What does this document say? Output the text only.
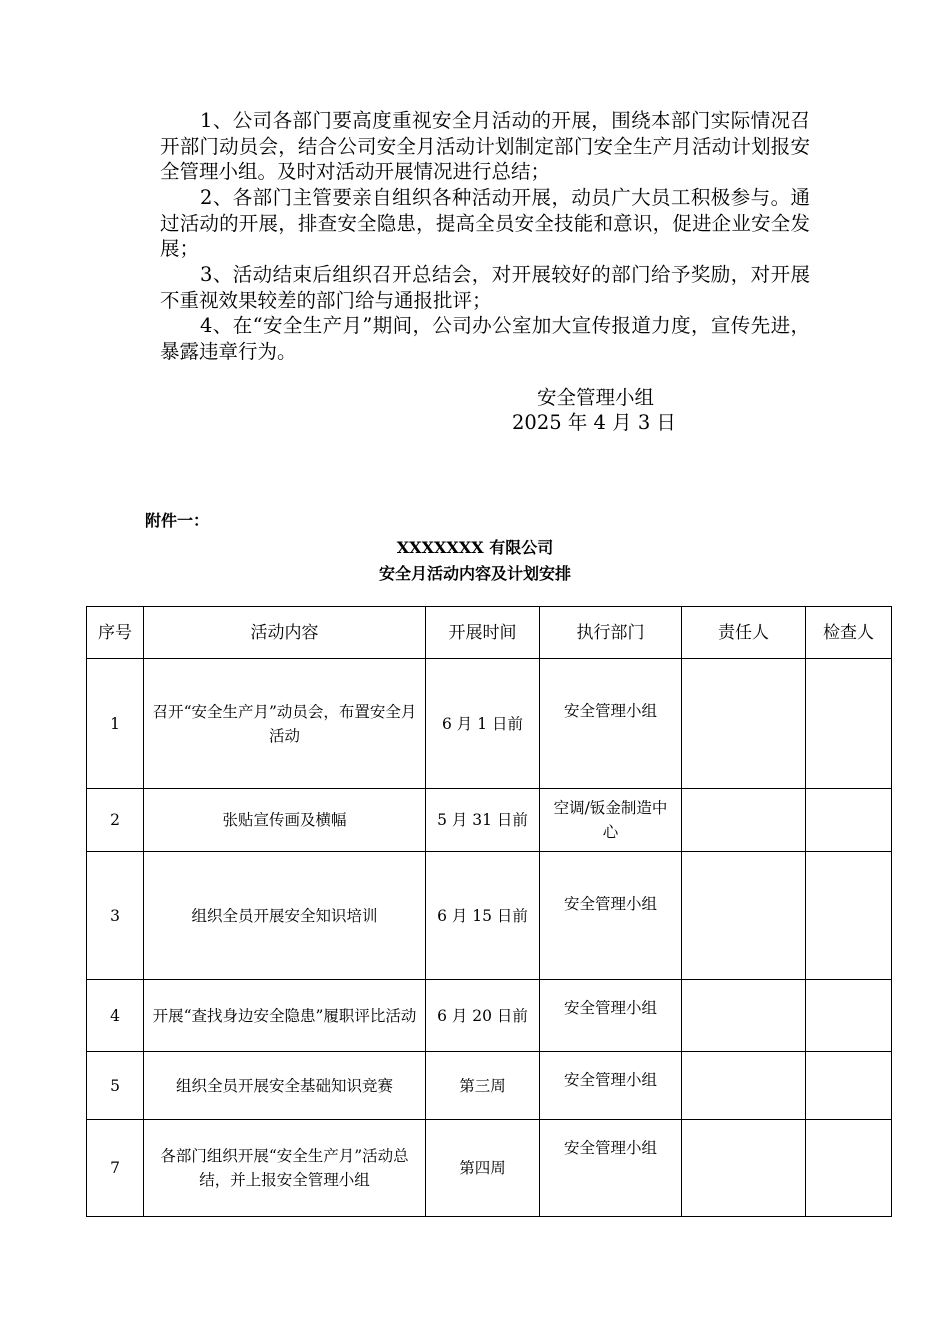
1、公司各部门要高度重视安全月活动的开展，围绕本部门实际情况召开部门动员会，结合公司安全月活动计划制定部门安全生产月活动计划报安全管理小组。及时对活动开展情况进行总结；

2、各部门主管要亲自组织各种活动开展，动员广大员工积极参与。通过活动的开展，排查安全隐患，提高全员安全技能和意识，促进企业安全发展；

3、活动结束后组织召开总结会，对开展较好的部门给予奖励，对开展不重视效果较差的部门给与通报批评；

4、在“安全生产月”期间，公司办公室加大宣传报道力度，宣传先进，暴露违章行为。

安全管理小组
2025 年 4 月 3 日
附件一：
XXXXXXX 有限公司
安全月活动内容及计划安排
序号	活动内容	开展时间	执行部门	责任人	检查人
1	召开“安全生产月”动员会，布置安全月活动	6 月 1 日前	安全管理小组		
2	张贴宣传画及横幅	5 月 31 日前	空调/钣金制造中心		
3	组织全员开展安全知识培训	6 月 15 日前	安全管理小组		
4	开展“查找身边安全隐患”履职评比活动	6 月 20 日前	安全管理小组		
5	组织全员开展安全基础知识竞赛	第三周	安全管理小组		
7	各部门组织开展“安全生产月”活动总结，并上报安全管理小组	第四周	安全管理小组		
